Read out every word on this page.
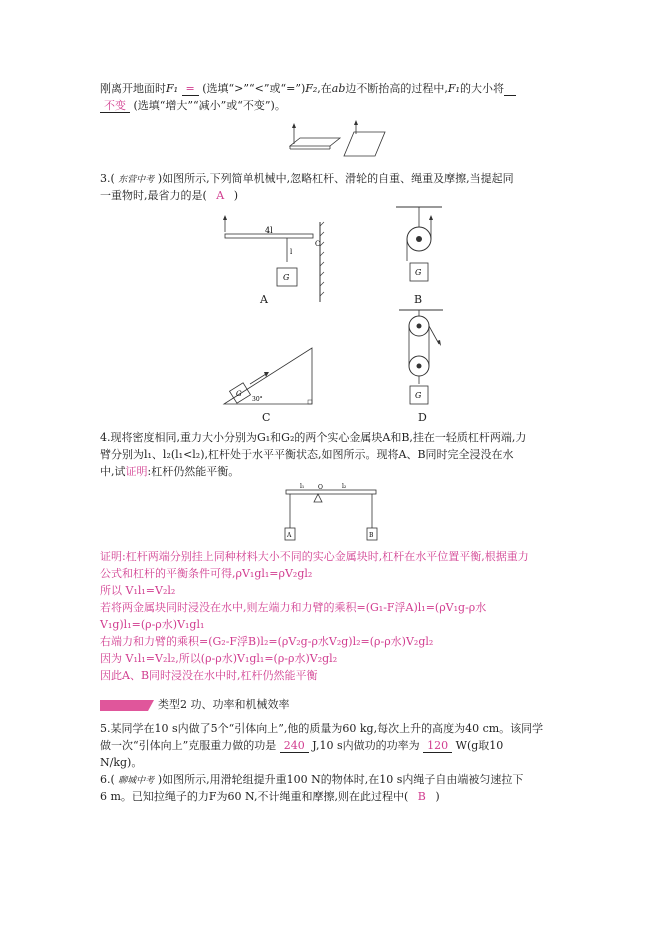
刚离开地面时F₁ = (选填“>”“<”或“=”)F₂,在ab边不断抬高的过程中,F₁的大小将
不变 (选填“增大”“减小”或“不变”)。
3.( 东营中考 )如图所示,下列简单机械中,忽略杠杆、滑轮的自重、绳重及摩擦,当提起同
一重物时,最省力的是( A )
4l
O
l
G
A
G
B
G
30°
C
G
D
4.现将密度相同,重力大小分别为G₁和G₂的两个实心金属块A和B,挂在一轻质杠杆两端,力
臂分别为l₁、l₂(l₁<l₂),杠杆处于水平平衡状态,如图所示。现将A、B同时完全浸没在水
中,试证明:杠杆仍然能平衡。
l₁	l₂
O
A	B
证明:杠杆两端分别挂上同种材料大小不同的实心金属块时,杠杆在水平位置平衡,根据重力
公式和杠杆的平衡条件可得,ρV₁gl₁=ρV₂gl₂
所以 V₁l₁=V₂l₂
若将两金属块同时浸没在水中,则左端力和力臂的乘积=(G₁-F浮A)l₁=(ρV₁g-ρ水
V₁g)l₁=(ρ-ρ水)V₁gl₁
右端力和力臂的乘积=(G₂-F浮B)l₂=(ρV₂g-ρ水V₂g)l₂=(ρ-ρ水)V₂gl₂
因为 V₁l₁=V₂l₂,所以(ρ-ρ水)V₁gl₁=(ρ-ρ水)V₂gl₂
因此A、B同时浸没在水中时,杠杆仍然能平衡
类型2 功、功率和机械效率
5.某同学在10 s内做了5个“引体向上”,他的质量为60 kg,每次上升的高度为40 cm。该同学
做一次“引体向上”克服重力做的功是 240 J,10 s内做功的功率为 120 W(g取10
N/kg)。
6.( 聊城中考 )如图所示,用滑轮组提升重100 N的物体时,在10 s内绳子自由端被匀速拉下
6 m。已知拉绳子的力F为60 N,不计绳重和摩擦,则在此过程中( B )
